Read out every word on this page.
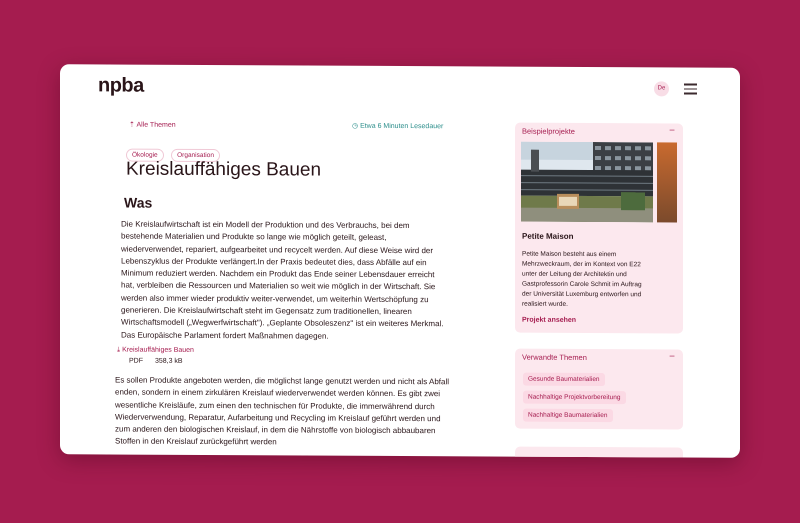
nрba	De
⇡ Alle Themen	◷ Etwa 6 Minuten Lesedauer
Ökologie	Organisation
Kreislauffähiges Bauen
Was

Die Kreislaufwirtschaft ist ein Modell der Produktion und des Verbrauchs, bei dem bestehende Materialien und Produkte so lange wie möglich geteilt, geleast, wiederverwendet, repariert, aufgearbeitet und recycelt werden. Auf diese Weise wird der Lebenszyklus der Produkte verlängert.In der Praxis bedeutet dies, dass Abfälle auf ein Minimum reduziert werden. Nachdem ein Produkt das Ende seiner Lebensdauer erreicht hat, verbleiben die Ressourcen und Materialien so weit wie möglich in der Wirtschaft. Sie werden also immer wieder produktiv weiter-verwendet, um weiterhin Wertschöpfung zu generieren. Die Kreislaufwirtschaft steht im Gegensatz zum traditionellen, linearen Wirtschaftsmodell („Wegwerfwirtschaft"). „Geplante Obsoleszenz" ist ein weiteres Merkmal. Das Europäische Parlament fordert Maßnahmen dagegen.

⤓ Kreislauffähiges Bauen
PDF 358,3 kB

Es sollen Produkte angeboten werden, die möglichst lange genutzt werden und nicht als Abfall enden, sondern in einem zirkulären Kreislauf wiederverwendet werden können. Es gibt zwei wesentliche Kreisläufe, zum einen den technischen für Produkte, die immerwährend durch Wiederverwendung, Reparatur, Aufarbeitung und Recycling im Kreislauf geführt werden und zum anderen den biologischen Kreislauf, in dem die Nährstoffe von biologisch abbaubaren Stoffen in den Kreislauf zurückgeführt werden

Beispielprojekte	−
Petite Maison

Petite Maison besteht aus einem Mehrzweckraum, der im Kontext von E22 unter der Leitung der Architektin und Gastprofessorin Carole Schmit im Auftrag der Universität Luxemburg entworfen und realisiert wurde.

Projekt ansehen
Verwandte Themen	−
Gesunde Baumaterialien
Nachhaltige Projektvorbereitung
Nachhaltige Baumaterialien
